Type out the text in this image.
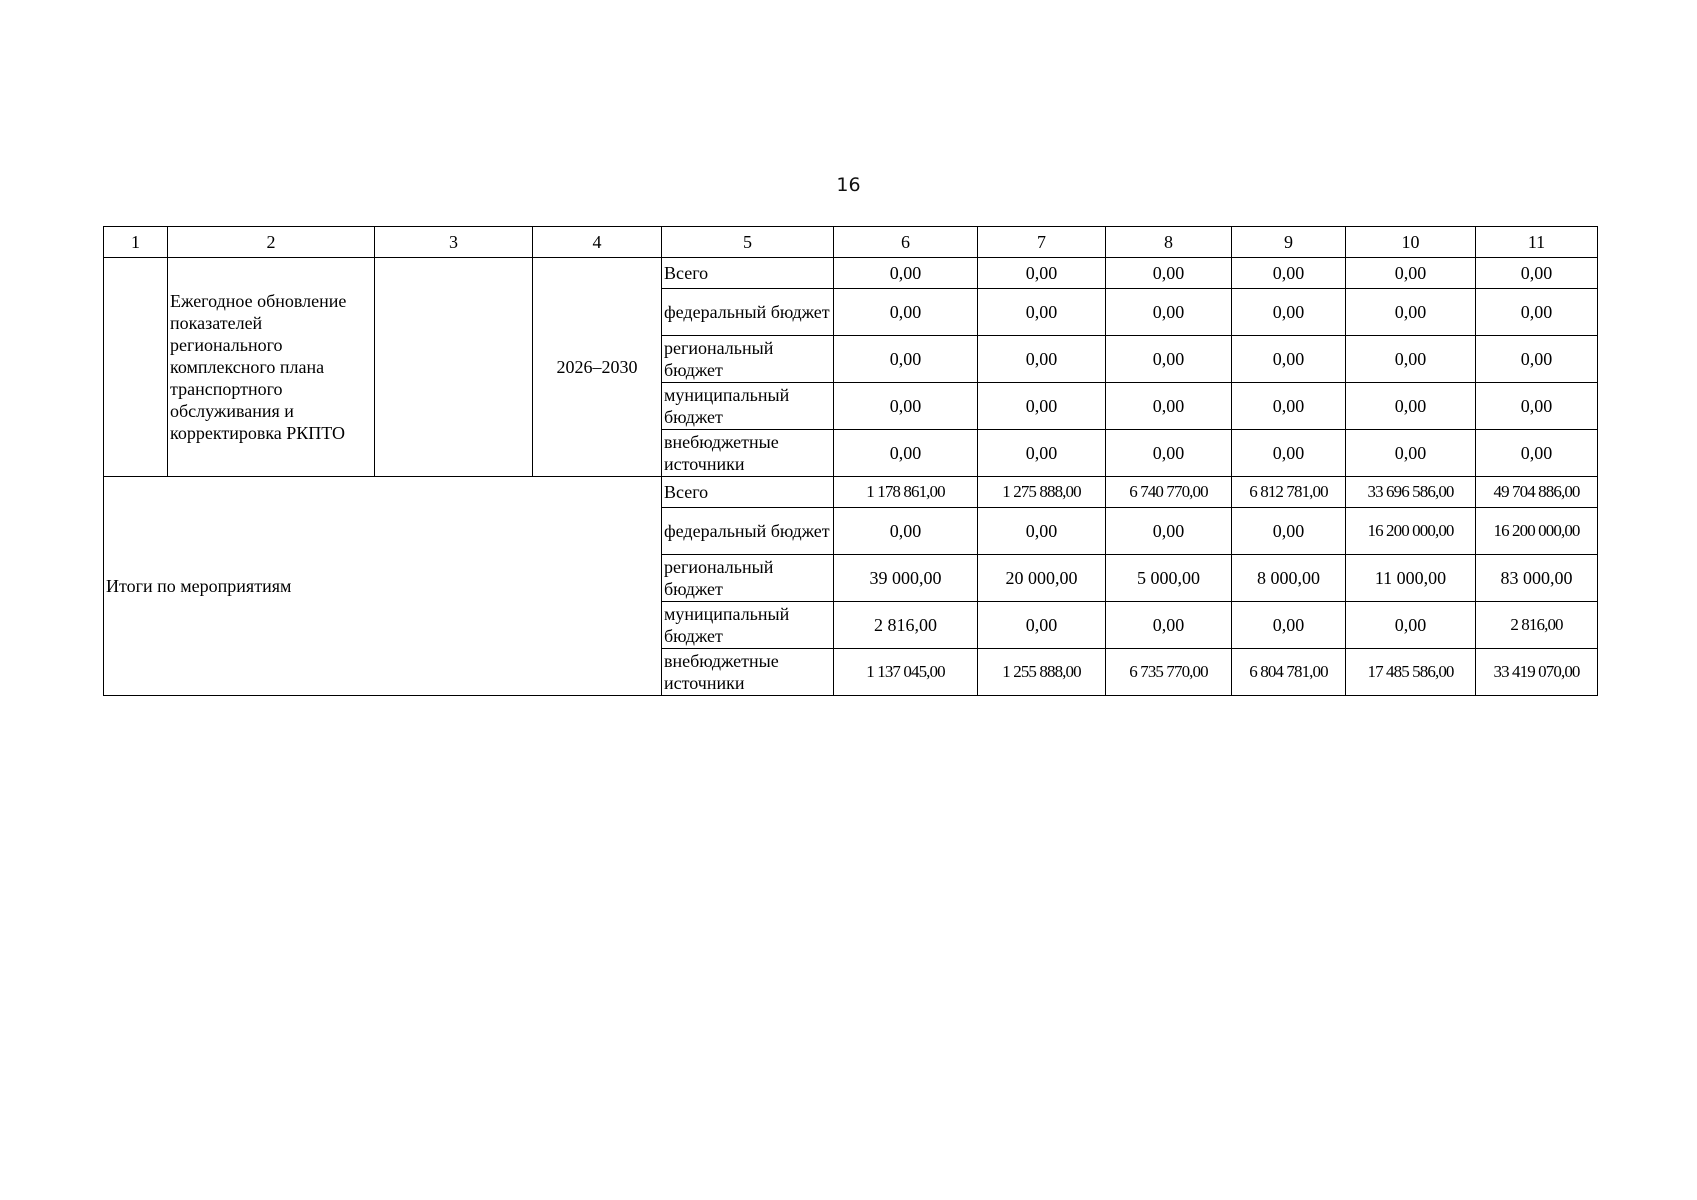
16
1	2	3	4	5	6	7	8	9	10	11
	Ежегодное обновление показателей регионального комплексного плана транспортного обслуживания и корректировка РКПТО		2026–2030	Всего	0,00	0,00	0,00	0,00	0,00	0,00
				федеральный бюджет	0,00	0,00	0,00	0,00	0,00	0,00
				региональный бюджет	0,00	0,00	0,00	0,00	0,00	0,00
				муниципальный бюджет	0,00	0,00	0,00	0,00	0,00	0,00
				внебюджетные источники	0,00	0,00	0,00	0,00	0,00	0,00
Итоги по мероприятиям				Всего	1 178 861,00	1 275 888,00	6 740 770,00	6 812 781,00	33 696 586,00	49 704 886,00
				федеральный бюджет	0,00	0,00	0,00	0,00	16 200 000,00	16 200 000,00
				региональный бюджет	39 000,00	20 000,00	5 000,00	8 000,00	11 000,00	83 000,00
				муниципальный бюджет	2 816,00	0,00	0,00	0,00	0,00	2 816,00
				внебюджетные источники	1 137 045,00	1 255 888,00	6 735 770,00	6 804 781,00	17 485 586,00	33 419 070,00
